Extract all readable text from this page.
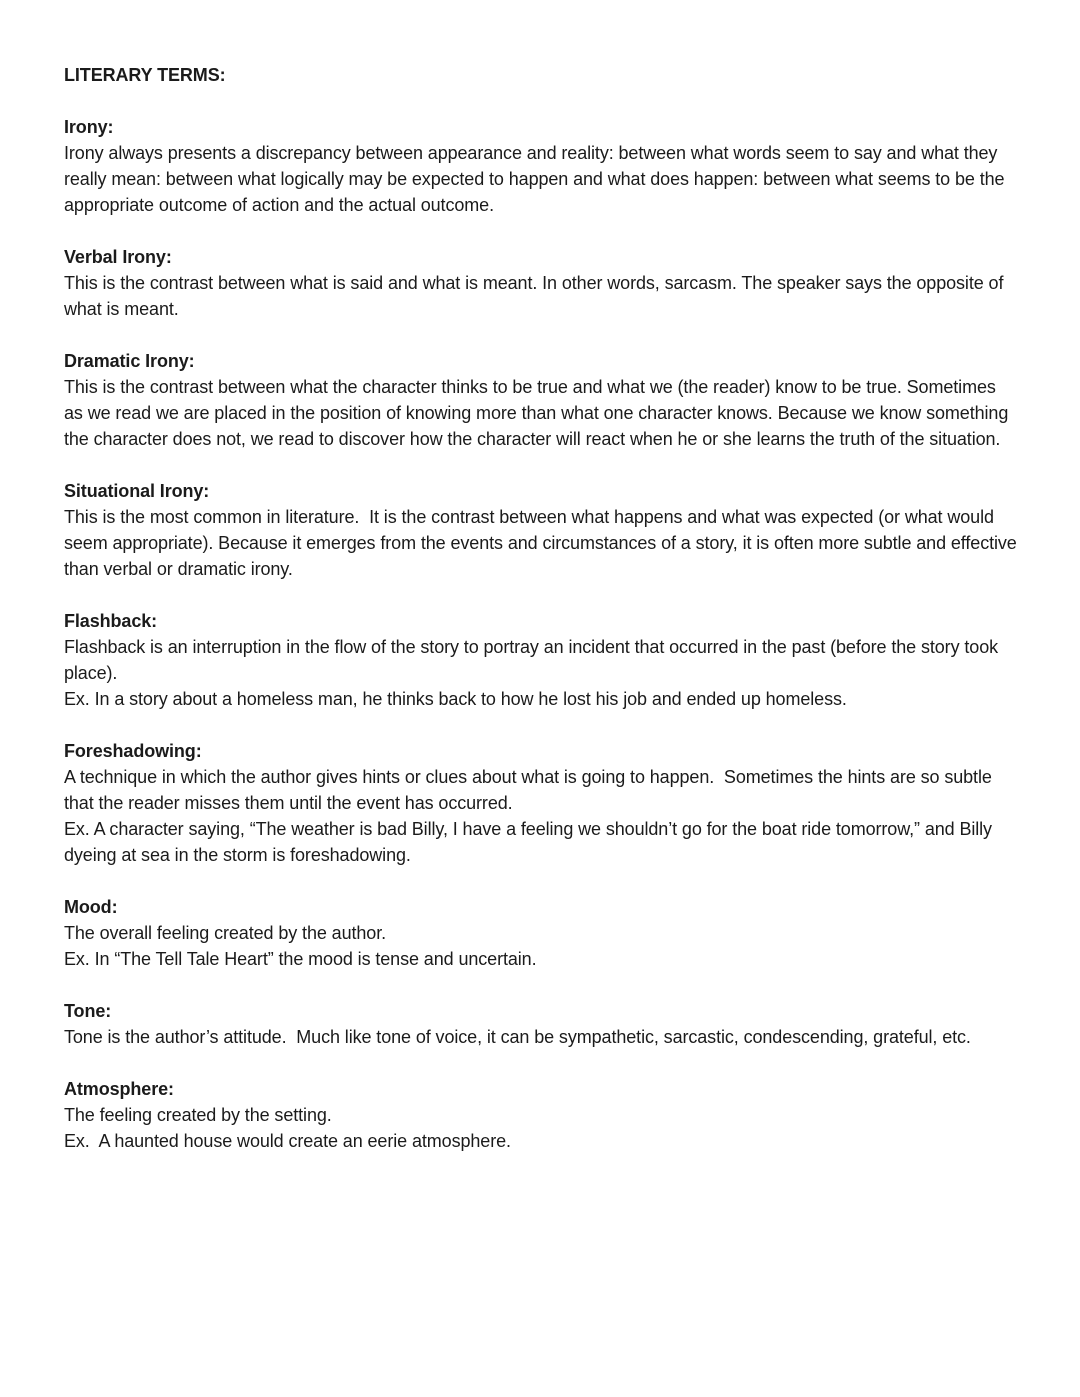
LITERARY TERMS:
Irony:

Irony always presents a discrepancy between appearance and reality: between what words seem to say and what they really mean: between what logically may be expected to happen and what does happen: between what seems to be the appropriate outcome of action and the actual outcome.

Verbal Irony:

This is the contrast between what is said and what is meant. In other words, sarcasm. The speaker says the opposite of what is meant.

Dramatic Irony:

This is the contrast between what the character thinks to be true and what we (the reader) know to be true. Sometimes as we read we are placed in the position of knowing more than what one character knows. Because we know something the character does not, we read to discover how the character will react when he or she learns the truth of the situation.

Situational Irony:

This is the most common in literature.  It is the contrast between what happens and what was expected (or what would seem appropriate). Because it emerges from the events and circumstances of a story, it is often more subtle and effective than verbal or dramatic irony.

Flashback:

Flashback is an interruption in the flow of the story to portray an incident that occurred in the past (before the story took place).

Ex. In a story about a homeless man, he thinks back to how he lost his job and ended up homeless.

Foreshadowing:

A technique in which the author gives hints or clues about what is going to happen.  Sometimes the hints are so subtle that the reader misses them until the event has occurred.

Ex. A character saying, “The weather is bad Billy, I have a feeling we shouldn’t go for the boat ride tomorrow,” and Billy dyeing at sea in the storm is foreshadowing.

Mood:

The overall feeling created by the author.

Ex. In “The Tell Tale Heart” the mood is tense and uncertain.

Tone:

Tone is the author’s attitude.  Much like tone of voice, it can be sympathetic, sarcastic, condescending, grateful, etc.

Atmosphere:

The feeling created by the setting.

Ex.  A haunted house would create an eerie atmosphere.
